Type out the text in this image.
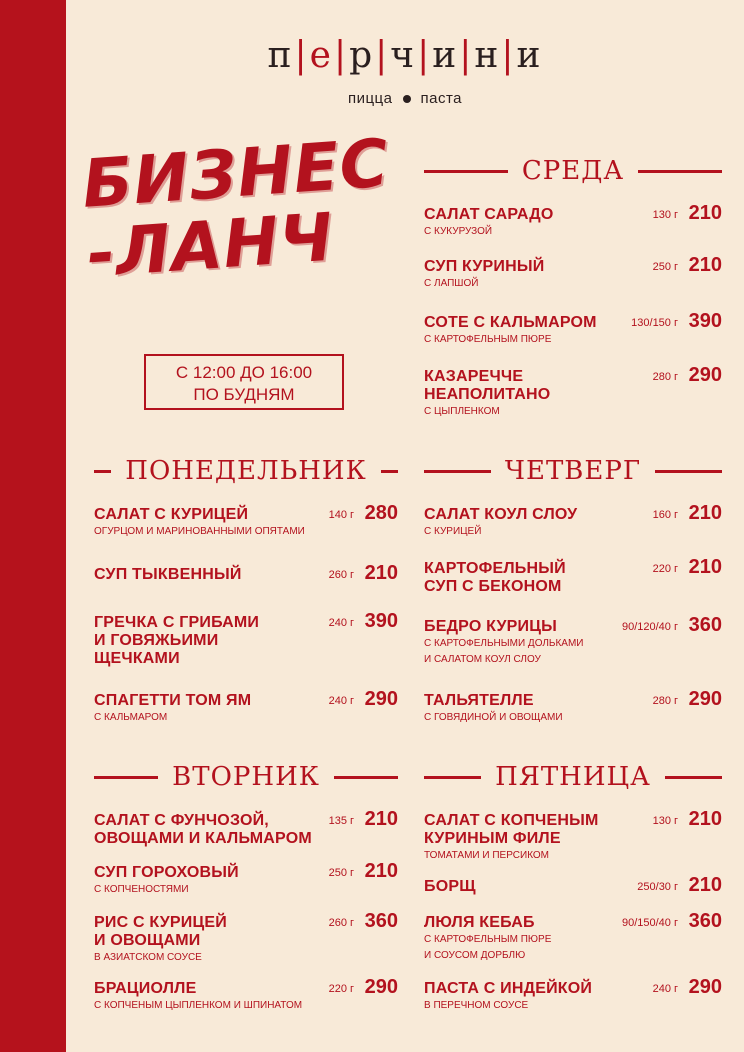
п|е|р|ч|и|н|и
пицца паста
БИЗНЕС
-ЛАНЧ
С 12:00 ДО 16:00
ПО БУДНЯМ
СРЕДА
САЛАТ САРАДО
С КУКУРУЗОЙ
130 г 210
СУП КУРИНЫЙ
С ЛАПШОЙ
250 г 210
СОТЕ С КАЛЬМАРОМ
С КАРТОФЕЛЬНЫМ ПЮРЕ
130/150 г 390
КАЗАРЕЧЧЕ
НЕАПОЛИТАНО
С ЦЫПЛЕНКОМ
280 г 290
ПОНЕДЕЛЬНИК
САЛАТ С КУРИЦЕЙ
ОГУРЦОМ И МАРИНОВАННЫМИ ОПЯТАМИ
140 г 280
СУП ТЫКВЕННЫЙ	260 г 210
ГРЕЧКА С ГРИБАМИ
И ГОВЯЖЬИМИ
ЩЕЧКАМИ
240 г 390
СПАГЕТТИ ТОМ ЯМ
С КАЛЬМАРОМ
240 г 290
ЧЕТВЕРГ
САЛАТ КОУЛ СЛОУ
С КУРИЦЕЙ
160 г 210
КАРТОФЕЛЬНЫЙ
СУП С БЕКОНОМ
220 г 210
БЕДРО КУРИЦЫ
С КАРТОФЕЛЬНЫМИ ДОЛЬКАМИ
И САЛАТОМ КОУЛ СЛОУ
90/120/40 г 360
ТАЛЬЯТЕЛЛЕ
С ГОВЯДИНОЙ И ОВОЩАМИ
280 г 290
ВТОРНИК
САЛАТ С ФУНЧОЗОЙ,
ОВОЩАМИ И КАЛЬМАРОМ
135 г 210
СУП ГОРОХОВЫЙ
С КОПЧЕНОСТЯМИ
250 г 210
РИС С КУРИЦЕЙ
И ОВОЩАМИ
В АЗИАТСКОМ СОУСЕ
260 г 360
БРАЦИОЛЛЕ
С КОПЧЕНЫМ ЦЫПЛЕНКОМ И ШПИНАТОМ
220 г 290
ПЯТНИЦА
САЛАТ С КОПЧЕНЫМ
КУРИНЫМ ФИЛЕ
ТОМАТАМИ И ПЕРСИКОМ
130 г 210
БОРЩ	250/30 г 210
ЛЮЛЯ КЕБАБ
С КАРТОФЕЛЬНЫМ ПЮРЕ
И СОУСОМ ДОРБЛЮ
90/150/40 г 360
ПАСТА С ИНДЕЙКОЙ
В ПЕРЕЧНОМ СОУСЕ
240 г 290
